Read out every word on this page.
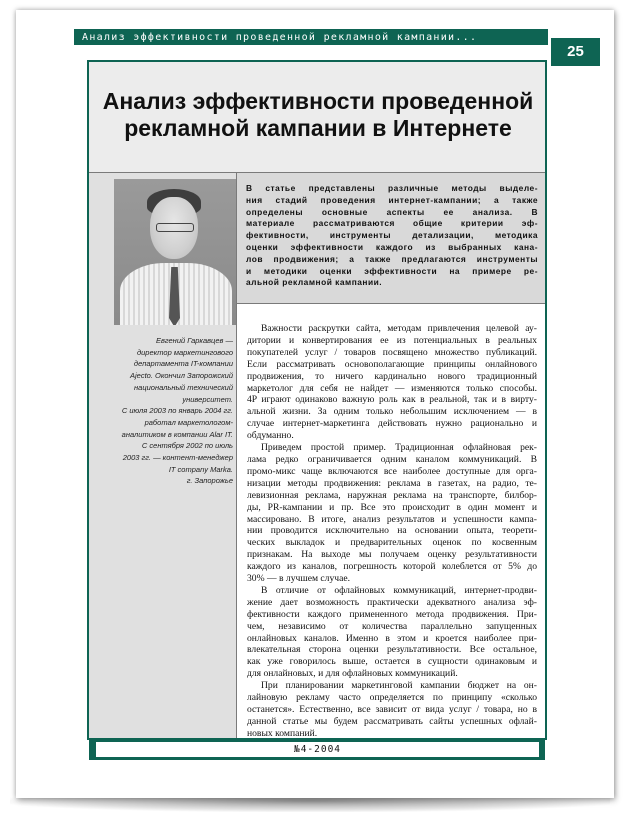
Анализ эффективности проведенной рекламной кампании...
25
Анализ эффективности проведенной
рекламной кампании в Интернете
Евгений Гаркавцев —
директор маркетингового
департамента IT-компании
Ajecto. Окончил Запорожский
национальный технический
университет.
С июля 2003 по январь 2004 гг.
работал маркетологом-
аналитиком в компании Alar IT.
С сентября 2002 по июль
2003 гг. — контент-менеджер
IT company Marka.
г. Запорожье
В статье представлены различные методы выделе-
ния стадий проведения интернет-кампании; а также
определены основные аспекты ее анализа. В
материале рассматриваются общие критерии эф-
фективности, инструменты детализации, методика
оценки эффективности каждого из выбранных кана-
лов продвижения; а также предлагаются инструменты
и методики оценки эффективности на примере ре-
альной рекламной кампании.
Важности раскрутки сайта, методам привлечения целевой ау-
дитории и конвертирования ее из потенциальных в реальных
покупателей услуг / товаров посвящено множество публикаций.
Если рассматривать основополагающие принципы онлайнового
продвижения, то ничего кардинально нового традиционный
маркетолог для себя не найдет — изменяются только способы.
4P играют одинаково важную роль как в реальной, так и в вирту-
альной жизни. За одним только небольшим исключением — в
случае интернет-маркетинга действовать нужно рационально и
обдуманно.
Приведем простой пример. Традиционная офлайновая рек-
лама редко ограничивается одним каналом коммуникаций. В
промо-микс чаще включаются все наиболее доступные для орга-
низации методы продвижения: реклама в газетах, на радио, те-
левизионная реклама, наружная реклама на транспорте, билбор-
ды, PR-кампании и пр. Все это происходит в один момент и
массировано. В итоге, анализ результатов и успешности кампа-
нии проводится исключительно на основании опыта, теорети-
ческих выкладок и предварительных оценок по косвенным
признакам. На выходе мы получаем оценку результативности
каждого из каналов, погрешность которой колеблется от 5% до
30% — в лучшем случае.
В отличие от офлайновых коммуникаций, интернет-продви-
жение дает возможность практически адекватного анализа эф-
фективности каждого примененного метода продвижения. При-
чем, независимо от количества параллельно запущенных
онлайновых каналов. Именно в этом и кроется наиболее при-
влекательная сторона оценки результативности. Все остальное,
как уже говорилось выше, остается в сущности одинаковым и
для онлайновых, и для офлайновых коммуникаций.
При планировании маркетинговой кампании бюджет на он-
лайновую рекламу часто определяется по принципу «сколько
останется». Естественно, все зависит от вида услуг / товара, но в
данной статье мы будем рассматривать сайты успешных офлай-
новых компаний.
№4-2004
